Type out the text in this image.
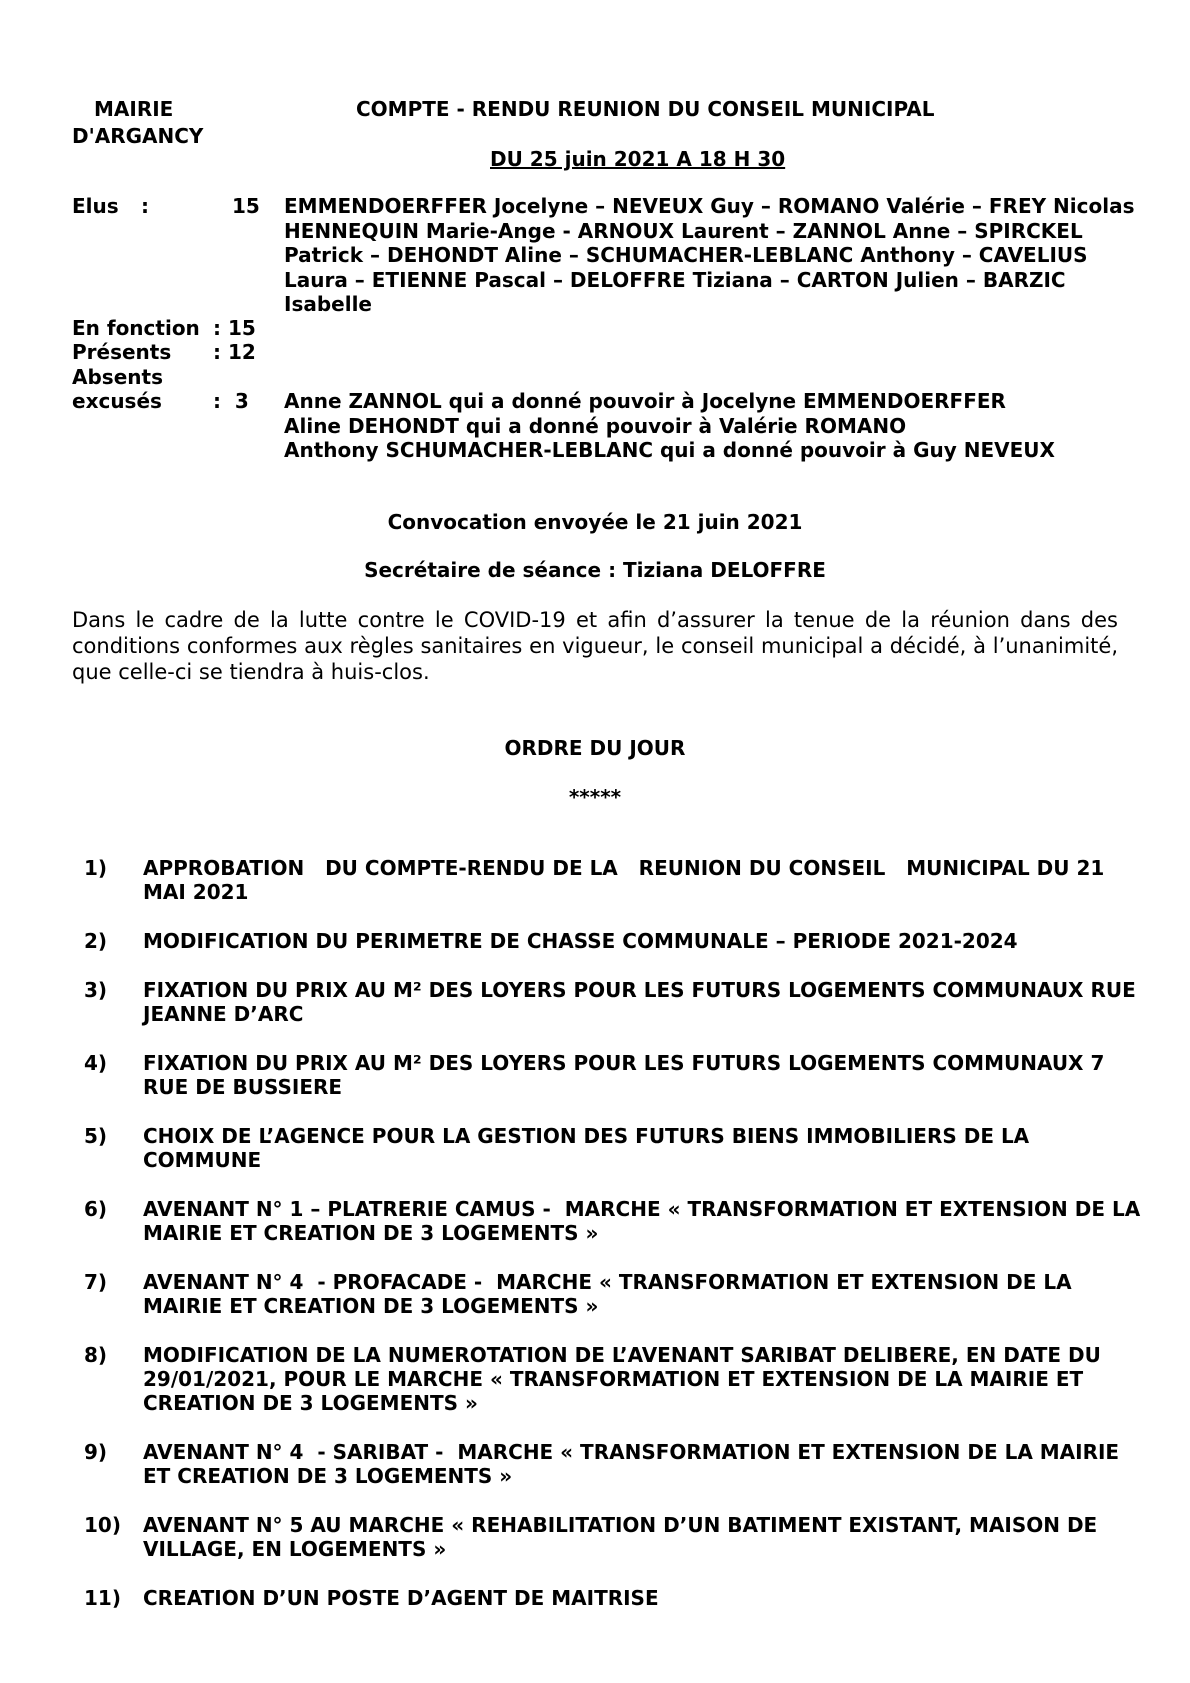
MAIRIE
D'ARGANCY
COMPTE - RENDU REUNION DU CONSEIL MUNICIPAL
DU 25 juin 2021 A 18 H 30
Elus :	15 EMMENDOERFFER Jocelyne – NEVEUX Guy – ROMANO Valérie – FREY Nicolas HENNEQUIN Marie-Ange - ARNOUX Laurent – ZANNOL Anne – SPIRCKEL Patrick – DEHONDT Aline – SCHUMACHER-LEBLANC Anthony – CAVELIUS Laura – ETIENNE Pascal – DELOFFRE Tiziana – CARTON Julien – BARZIC Isabelle
En fonction : 15
Présents : 12
Absents
excusés	:  3 Anne ZANNOL qui a donné pouvoir à Jocelyne EMMENDOERFFER
Aline DEHONDT qui a donné pouvoir à Valérie ROMANO
Anthony SCHUMACHER-LEBLANC qui a donné pouvoir à Guy NEVEUX
Convocation envoyée le 21 juin 2021
Secrétaire de séance : Tiziana DELOFFRE
Dans le cadre de la lutte contre le COVID-19 et afin d’assurer la tenue de la réunion dans des conditions conformes aux règles sanitaires en vigueur, le conseil municipal a décidé, à l’unanimité, que celle-ci se tiendra à huis-clos.
ORDRE DU JOUR
*****
1)	APPROBATION   DU COMPTE-RENDU DE LA   REUNION DU CONSEIL   MUNICIPAL DU 21 MAI 2021
2)	MODIFICATION DU PERIMETRE DE CHASSE COMMUNALE – PERIODE 2021-2024
3)	FIXATION DU PRIX AU M² DES LOYERS POUR LES FUTURS LOGEMENTS COMMUNAUX RUE JEANNE D’ARC
4)	FIXATION DU PRIX AU M² DES LOYERS POUR LES FUTURS LOGEMENTS COMMUNAUX 7 RUE DE BUSSIERE
5)	CHOIX DE L’AGENCE POUR LA GESTION DES FUTURS BIENS IMMOBILIERS DE LA COMMUNE
6)	AVENANT N° 1 – PLATRERIE CAMUS -  MARCHE « TRANSFORMATION ET EXTENSION DE LA MAIRIE ET CREATION DE 3 LOGEMENTS »
7)	AVENANT N° 4  - PROFACADE -  MARCHE « TRANSFORMATION ET EXTENSION DE LA MAIRIE ET CREATION DE 3 LOGEMENTS »
8)	MODIFICATION DE LA NUMEROTATION DE L’AVENANT SARIBAT DELIBERE, EN DATE DU 29/01/2021, POUR LE MARCHE « TRANSFORMATION ET EXTENSION DE LA MAIRIE ET CREATION DE 3 LOGEMENTS »
9)	AVENANT N° 4  - SARIBAT -  MARCHE « TRANSFORMATION ET EXTENSION DE LA MAIRIE ET CREATION DE 3 LOGEMENTS »
10)	AVENANT N° 5 AU MARCHE « REHABILITATION D’UN BATIMENT EXISTANT, MAISON DE VILLAGE, EN LOGEMENTS »
11)	CREATION D’UN POSTE D’AGENT DE MAITRISE
